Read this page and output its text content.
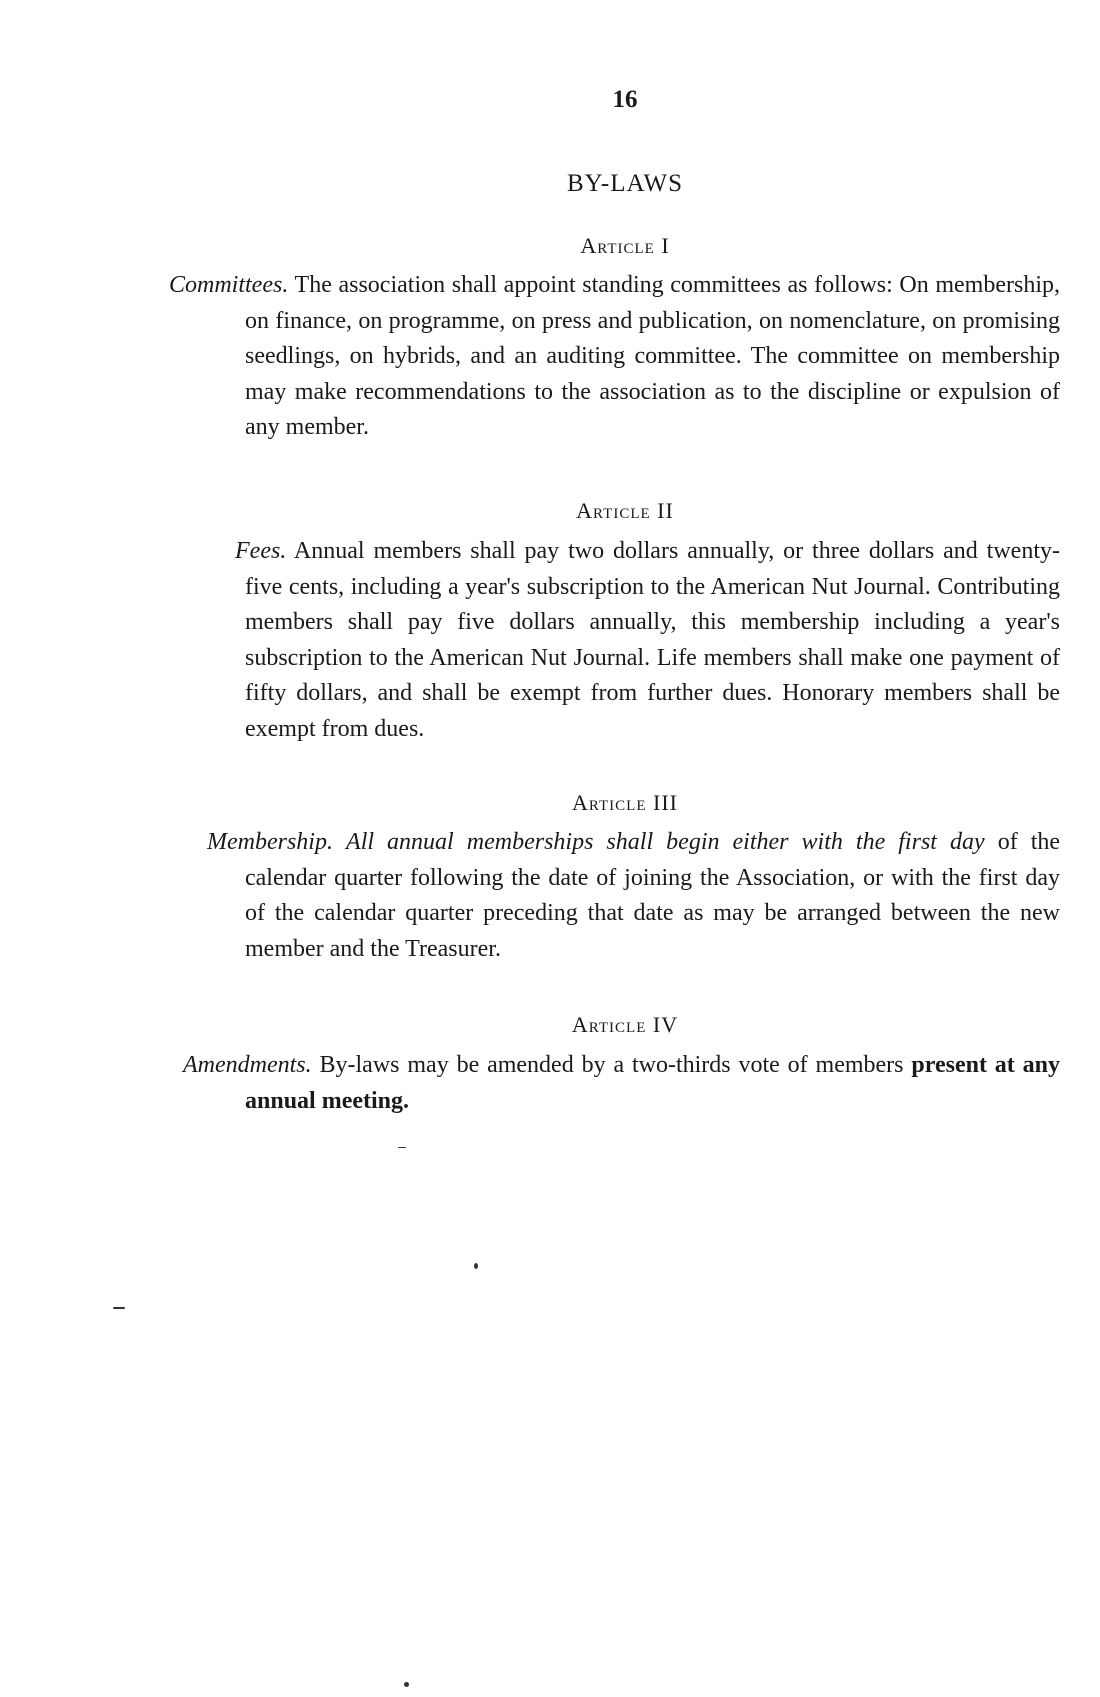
16
BY-LAWS
Article I
Committees. The association shall appoint standing committees as follows: On membership, on finance, on programme, on press and publication, on nomenclature, on promising seedlings, on hybrids, and an auditing committee. The committee on membership may make recommendations to the association as to the discipline or expulsion of any member.
Article II
Fees. Annual members shall pay two dollars annually, or three dollars and twenty-five cents, including a year's subscription to the American Nut Journal. Contributing members shall pay five dollars annually, this membership including a year's subscription to the American Nut Journal. Life members shall make one payment of fifty dollars, and shall be exempt from further dues. Honorary members shall be exempt from dues.
Article III
Membership. All annual memberships shall begin either with the first day of the calendar quarter following the date of joining the Association, or with the first day of the calendar quarter preceding that date as may be arranged between the new member and the Treasurer.
Article IV
Amendments. By-laws may be amended by a two-thirds vote of members present at any annual meeting.
